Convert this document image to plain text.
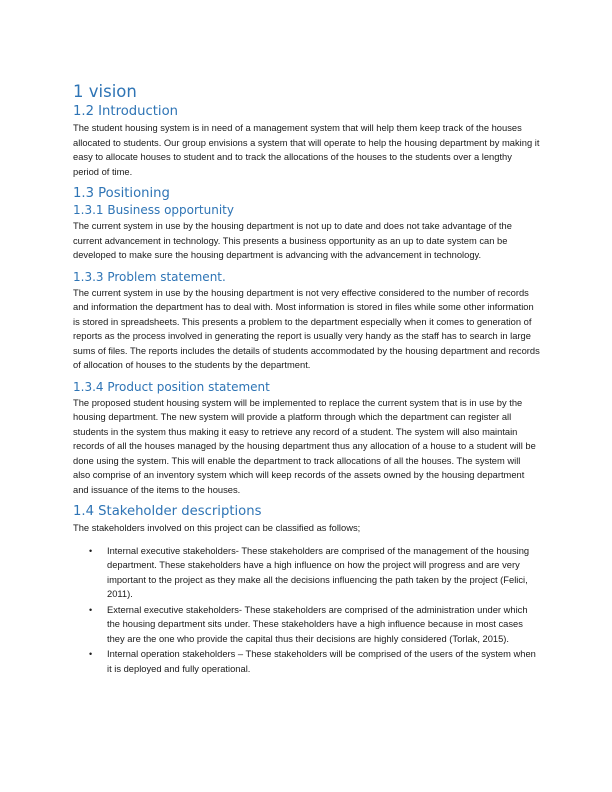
1 vision
1.2 Introduction

The student housing system is in need of a management system that will help them keep track of the houses allocated to students. Our group envisions a system that will operate to help the housing department by making it easy to allocate houses to student and to track the allocations of the houses to the students over a lengthy period of time.

1.3 Positioning
1.3.1 Business opportunity

The current system in use by the housing department is not up to date and does not take advantage of the current advancement in technology. This presents a business opportunity as an up to date system can be developed to make sure the housing department is advancing with the advancement in technology.

1.3.3 Problem statement.

The current system in use by the housing department is not very effective considered to the number of records and information the department has to deal with. Most information is stored in files while some other information is stored in spreadsheets. This presents a problem to the department especially when it comes to generation of reports as the process involved in generating the report is usually very handy as the staff has to search in large sums of files. The reports includes the details of students accommodated by the housing department and records of allocation of houses to the students by the department.

1.3.4 Product position statement

The proposed student housing system will be implemented to replace the current system that is in use by the housing department. The new system will provide a platform through which the department can register all students in the system thus making it easy to retrieve any record of a student. The system will also maintain records of all the houses managed by the housing department thus any allocation of a house to a student will be done using the system. This will enable the department to track allocations of all the houses. The system will also comprise of an inventory system which will keep records of the assets owned by the housing department and issuance of the items to the houses.

1.4 Stakeholder descriptions

The stakeholders involved on this project can be classified as follows;

• Internal executive stakeholders- These stakeholders are comprised of the management of the housing department. These stakeholders have a high influence on how the project will progress and are very important to the project as they make all the decisions influencing the path taken by the project (Felici, 2011).
• External executive stakeholders- These stakeholders are comprised of the administration under which the housing department sits under. These stakeholders have a high influence because in most cases they are the one who provide the capital thus their decisions are highly considered (Torlak, 2015).
• Internal operation stakeholders – These stakeholders will be comprised of the users of the system when it is deployed and fully operational.
